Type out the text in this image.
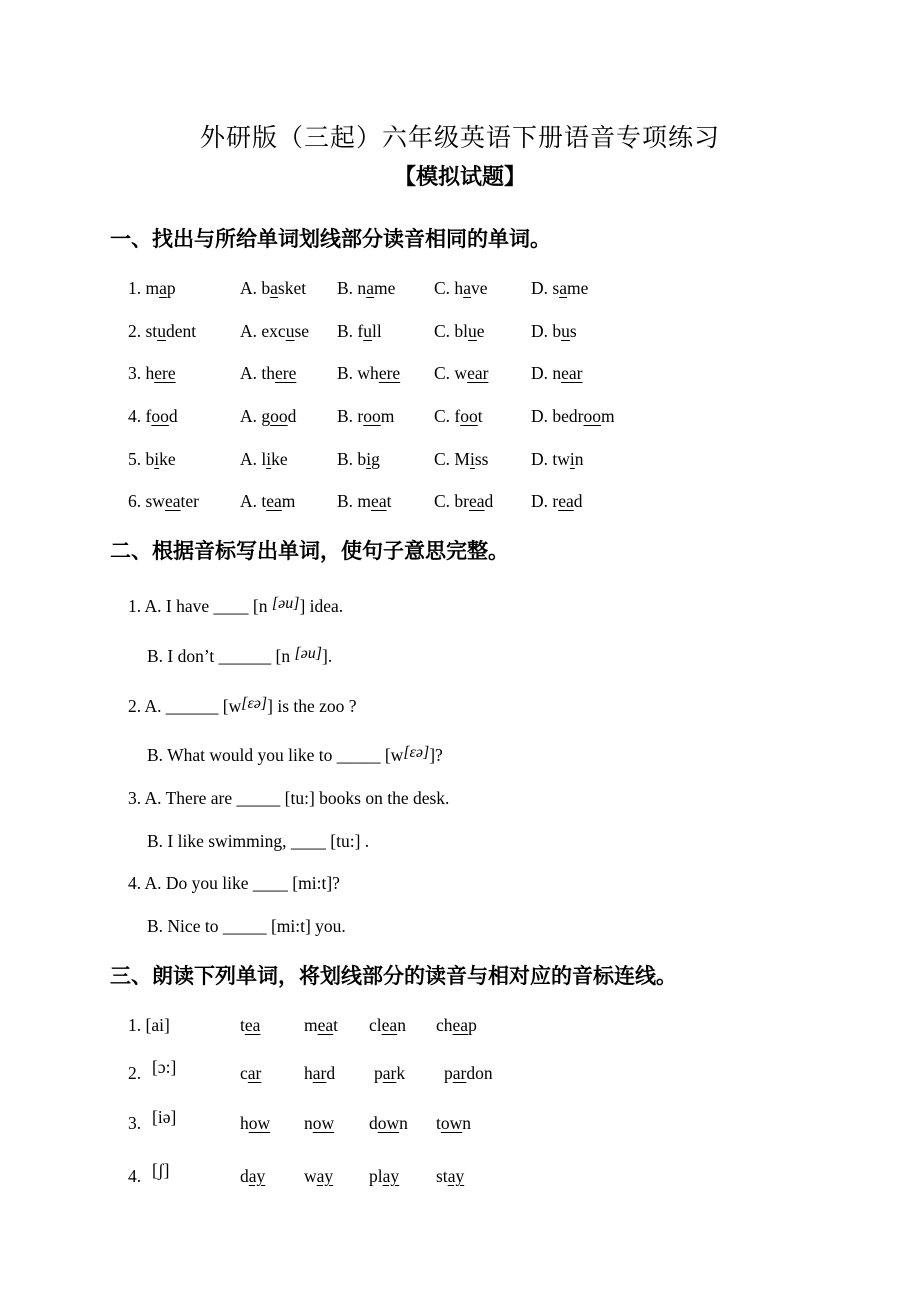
外研版（三起）六年级英语下册语音专项练习
【模拟试题】
一、找出与所给单词划线部分读音相同的单词。
1. map	A. basket B. name C. have D. same
2. student	A. excuse B. full	C. blue	D. bus
3. here	A. there B. where C. wear D. near
4. food	A. good B. room C. foot	D. bedroom
5. bike	A. like	B. big	C. Miss D. twin
6. sweater A. team B. meat C. bread D. read
二、根据音标写出单词，使句子意思完整。
1. A. I have ____ [n [əu]] idea.
B. I don’t ______ [n [əu]].
2. A. ______ [w[εə]] is the zoo ?
B. What would you like to _____ [w[εə]]?
3. A. There are _____ [tu:] books on the desk.
B. I like swimming, ____ [tu:] .
4. A. Do you like ____ [mi:t]?
B. Nice to _____ [mi:t] you.
三、朗读下列单词，将划线部分的读音与相对应的音标连线。
1. [ai]	tea meat clean cheap
2. [ɔ:]	car hard park pardon
3. [iə]	how now down town
4. [ʃ]	day way play stay
